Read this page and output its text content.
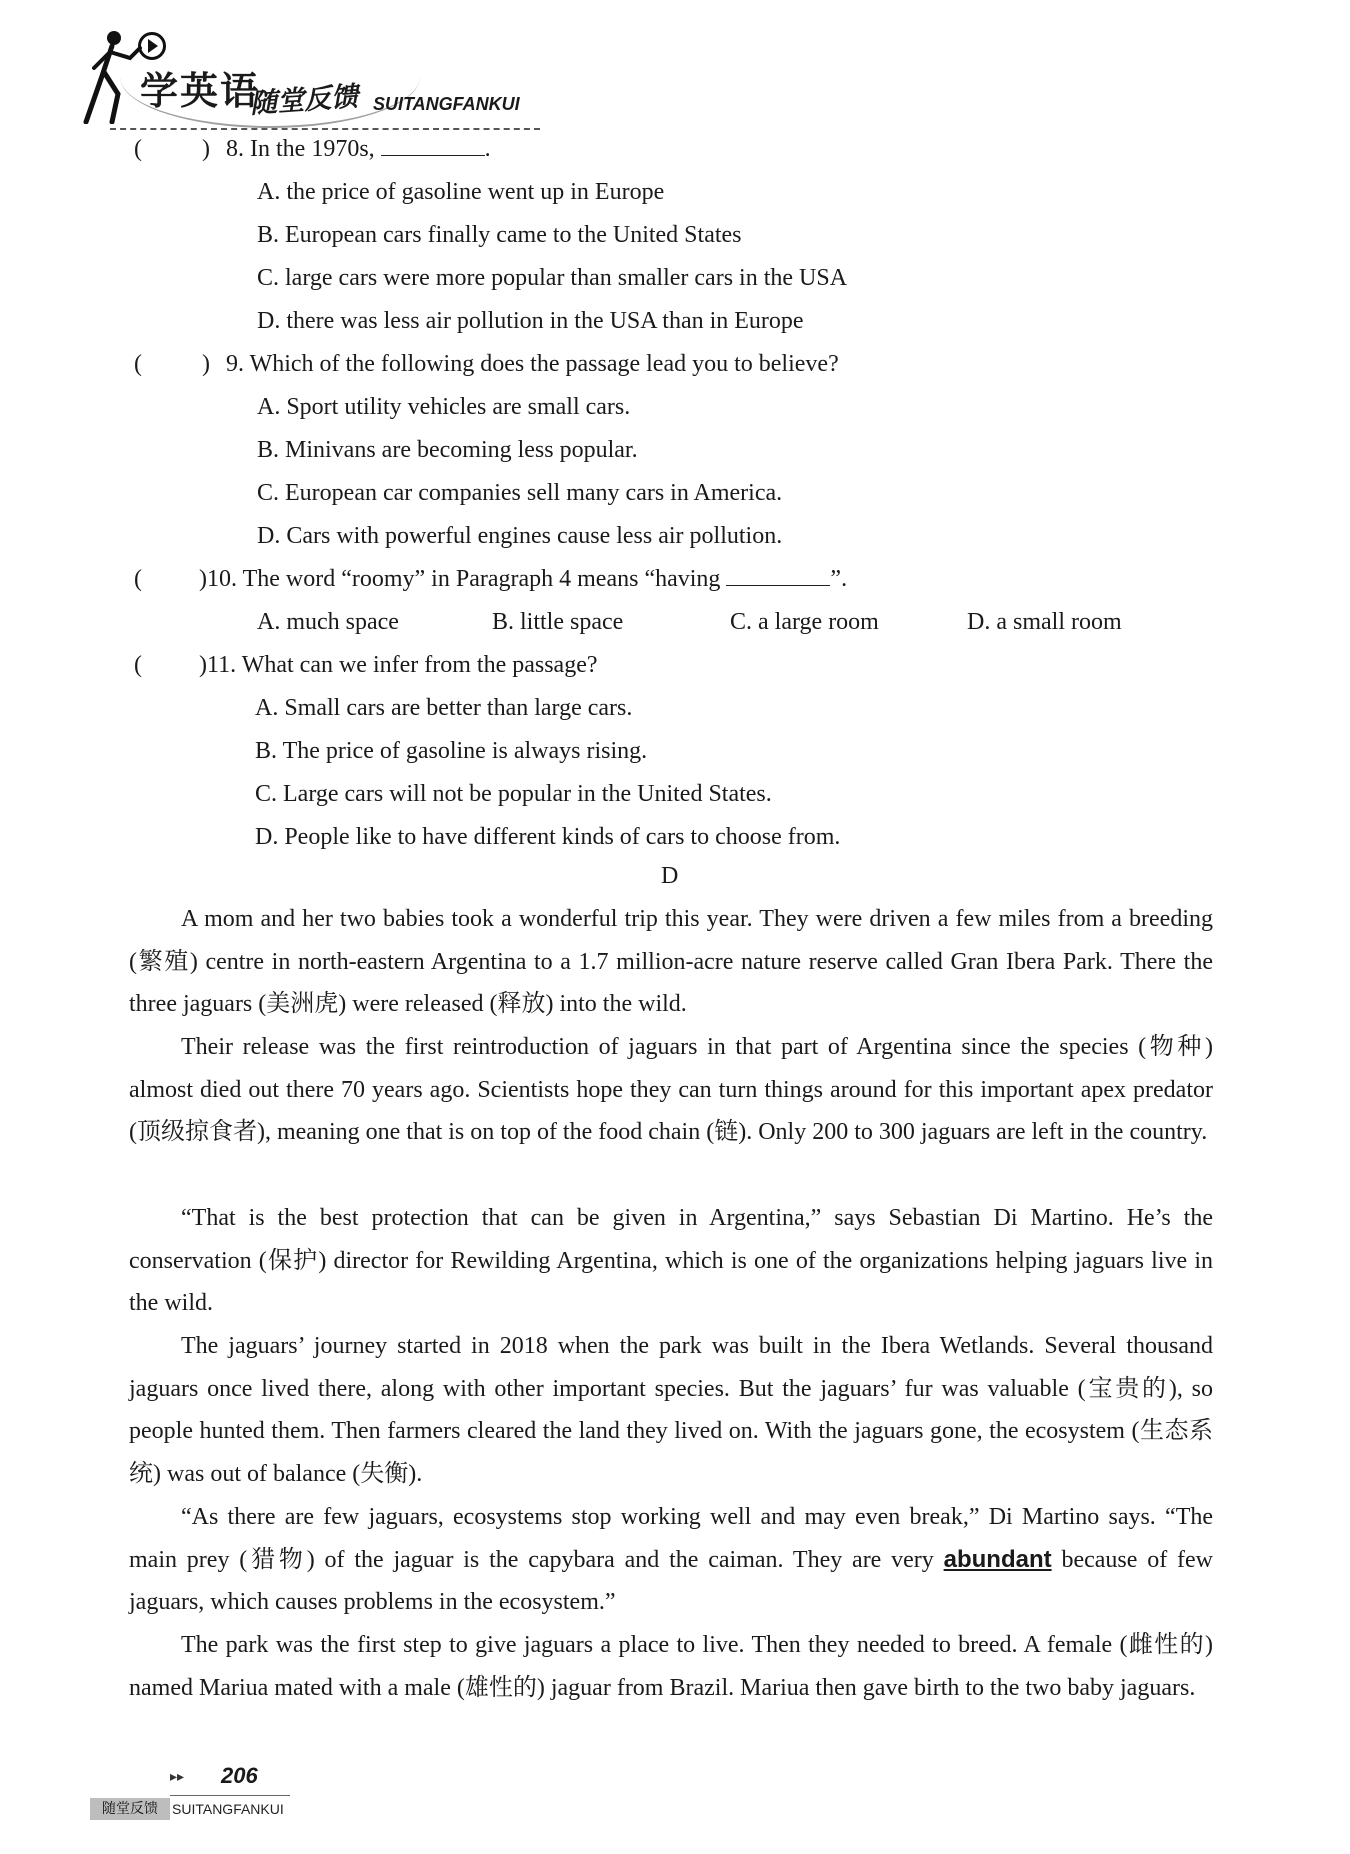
学英语
随堂反馈 SUITANGFANKUI
(	) 8. In the 1970s,	.
A. the price of gasoline went up in Europe
B. European cars finally came to the United States
C. large cars were more popular than smaller cars in the USA
D. there was less air pollution in the USA than in Europe
(	) 9. Which of the following does the passage lead you to believe?
A. Sport utility vehicles are small cars.
B. Minivans are becoming less popular.
C. European car companies sell many cars in America.
D. Cars with powerful engines cause less air pollution.
( ) 10. The word “roomy” in Paragraph 4 means “having	”.
A. much space	B. little space	C. a large room	D. a small room
( ) 11. What can we infer from the passage?
A. Small cars are better than large cars.
B. The price of gasoline is always rising.
C. Large cars will not be popular in the United States.
D. People like to have different kinds of cars to choose from.
D
A mom and her two babies took a wonderful trip this year. They were driven a few miles from a breeding (繁殖) centre in north-eastern Argentina to a 1.7 million-acre nature reserve called Gran Ibera Park. There the three jaguars (美洲虎) were released (释放) into the wild.
Their release was the first reintroduction of jaguars in that part of Argentina since the species (物种) almost died out there 70 years ago. Scientists hope they can turn things around for this important apex predator (顶级掠食者), meaning one that is on top of the food chain (链). Only 200 to 300 jaguars are left in the country.
“That is the best protection that can be given in Argentina,” says Sebastian Di Martino. He’s the conservation (保护) director for Rewilding Argentina, which is one of the organizations helping jaguars live in the wild.
The jaguars’ journey started in 2018 when the park was built in the Ibera Wetlands. Several thousand jaguars once lived there, along with other important species. But the jaguars’ fur was valuable (宝贵的), so people hunted them. Then farmers cleared the land they lived on. With the jaguars gone, the ecosystem (生态系统) was out of balance (失衡).
“As there are few jaguars, ecosystems stop working well and may even break,” Di Martino says. “The main prey (猎物) of the jaguar is the capybara and the caiman. They are very abundant because of few jaguars, which causes problems in the ecosystem.”
The park was the first step to give jaguars a place to live. Then they needed to breed. A female (雌性的) named Mariua mated with a male (雄性的) jaguar from Brazil. Mariua then gave birth to the two baby jaguars.
▸▸ 206
随堂反馈	SUITANGFANKUI
